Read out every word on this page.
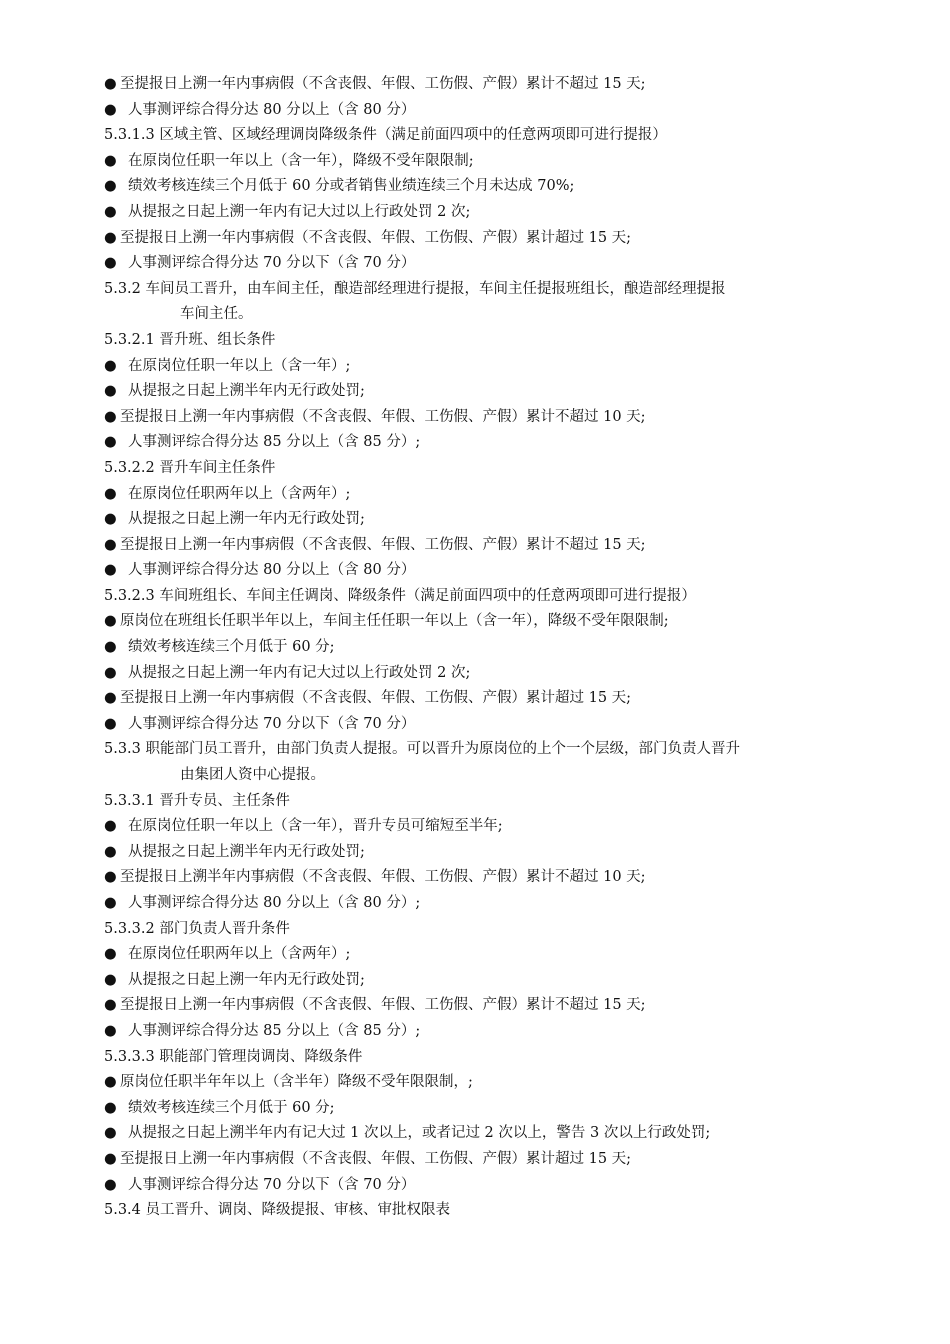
● 至提报日上溯一年内事病假（不含丧假、年假、工伤假、产假）累计不超过 15 天;
● 人事测评综合得分达 80 分以上（含 80 分）
5.3.1.3 区域主管、区域经理调岗降级条件（满足前面四项中的任意两项即可进行提报）
● 在原岗位任职一年以上（含一年），降级不受年限限制;
● 绩效考核连续三个月低于 60 分或者销售业绩连续三个月未达成 70%;
● 从提报之日起上溯一年内有记大过以上行政处罚 2 次;
● 至提报日上溯一年内事病假（不含丧假、年假、工伤假、产假）累计超过 15 天;
● 人事测评综合得分达 70 分以下（含 70 分）
5.3.2 车间员工晋升，由车间主任，酿造部经理进行提报，车间主任提报班组长，酿造部经理提报
车间主任。
5.3.2.1 晋升班、组长条件
● 在原岗位任职一年以上（含一年）;
● 从提报之日起上溯半年内无行政处罚;
● 至提报日上溯一年内事病假（不含丧假、年假、工伤假、产假）累计不超过 10 天;
● 人事测评综合得分达 85 分以上（含 85 分）;
5.3.2.2 晋升车间主任条件
● 在原岗位任职两年以上（含两年）;
● 从提报之日起上溯一年内无行政处罚;
● 至提报日上溯一年内事病假（不含丧假、年假、工伤假、产假）累计不超过 15 天;
● 人事测评综合得分达 80 分以上（含 80 分）
5.3.2.3 车间班组长、车间主任调岗、降级条件（满足前面四项中的任意两项即可进行提报）
● 原岗位在班组长任职半年以上，车间主任任职一年以上（含一年），降级不受年限限制;
● 绩效考核连续三个月低于 60 分;
● 从提报之日起上溯一年内有记大过以上行政处罚 2 次;
● 至提报日上溯一年内事病假（不含丧假、年假、工伤假、产假）累计超过 15 天;
● 人事测评综合得分达 70 分以下（含 70 分）
5.3.3 职能部门员工晋升，由部门负责人提报。可以晋升为原岗位的上个一个层级，部门负责人晋升
由集团人资中心提报。
5.3.3.1 晋升专员、主任条件
● 在原岗位任职一年以上（含一年），晋升专员可缩短至半年;
● 从提报之日起上溯半年内无行政处罚;
● 至提报日上溯半年内事病假（不含丧假、年假、工伤假、产假）累计不超过 10 天;
● 人事测评综合得分达 80 分以上（含 80 分）;
5.3.3.2 部门负责人晋升条件
● 在原岗位任职两年以上（含两年）;
● 从提报之日起上溯一年内无行政处罚;
● 至提报日上溯一年内事病假（不含丧假、年假、工伤假、产假）累计不超过 15 天;
● 人事测评综合得分达 85 分以上（含 85 分）;
5.3.3.3 职能部门管理岗调岗、降级条件
● 原岗位任职半年年以上（含半年）降级不受年限限制，;
● 绩效考核连续三个月低于 60 分;
● 从提报之日起上溯半年内有记大过 1 次以上，或者记过 2 次以上，警告 3 次以上行政处罚;
● 至提报日上溯一年内事病假（不含丧假、年假、工伤假、产假）累计超过 15 天;
● 人事测评综合得分达 70 分以下（含 70 分）
5.3.4 员工晋升、调岗、降级提报、审核、审批权限表
